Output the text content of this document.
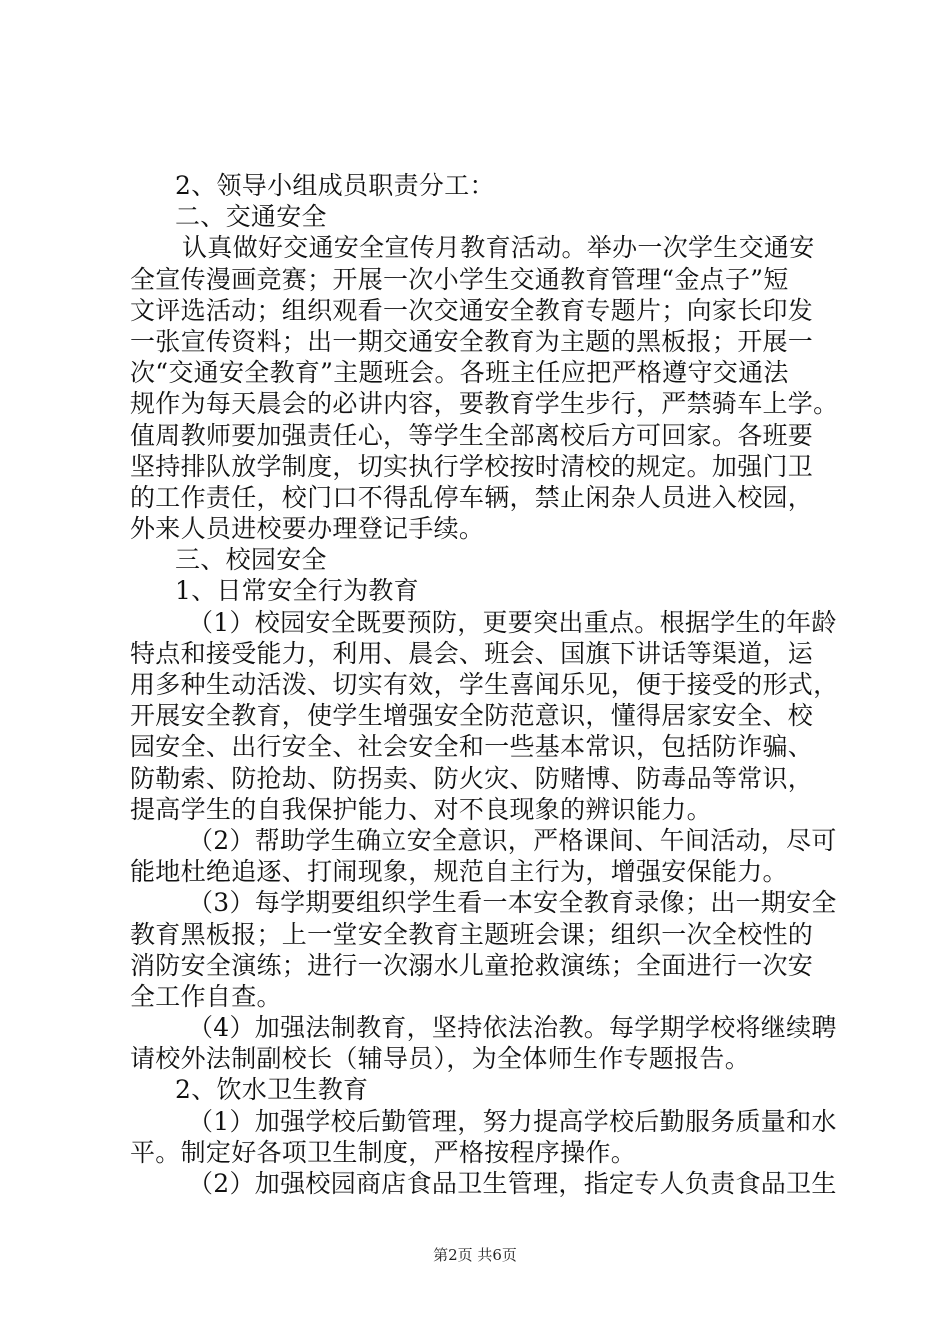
2、领导小组成员职责分工：
二、交通安全
认真做好交通安全宣传月教育活动。举办一次学生交通安
全宣传漫画竞赛；开展一次小学生交通教育管理“金点子”短
文评选活动；组织观看一次交通安全教育专题片；向家长印发
一张宣传资料；出一期交通安全教育为主题的黑板报；开展一
次“交通安全教育”主题班会。各班主任应把严格遵守交通法
规作为每天晨会的必讲内容，要教育学生步行，严禁骑车上学。
值周教师要加强责任心，等学生全部离校后方可回家。各班要
坚持排队放学制度，切实执行学校按时清校的规定。加强门卫
的工作责任，校门口不得乱停车辆，禁止闲杂人员进入校园，
外来人员进校要办理登记手续。
三、校园安全
1、日常安全行为教育
（1）校园安全既要预防，更要突出重点。根据学生的年龄
特点和接受能力，利用、晨会、班会、国旗下讲话等渠道，运
用多种生动活泼、切实有效，学生喜闻乐见，便于接受的形式，
开展安全教育，使学生增强安全防范意识，懂得居家安全、校
园安全、出行安全、社会安全和一些基本常识，包括防诈骗、
防勒索、防抢劫、防拐卖、防火灾、防赌博、防毒品等常识，
提高学生的自我保护能力、对不良现象的辨识能力。
（2）帮助学生确立安全意识，严格课间、午间活动，尽可
能地杜绝追逐、打闹现象，规范自主行为，增强安保能力。
（3）每学期要组织学生看一本安全教育录像；出一期安全
教育黑板报；上一堂安全教育主题班会课；组织一次全校性的
消防安全演练；进行一次溺水儿童抢救演练；全面进行一次安
全工作自查。
（4）加强法制教育，坚持依法治教。每学期学校将继续聘
请校外法制副校长（辅导员），为全体师生作专题报告。
2、饮水卫生教育
（1）加强学校后勤管理，努力提高学校后勤服务质量和水
平。制定好各项卫生制度，严格按程序操作。
（2）加强校园商店食品卫生管理，指定专人负责食品卫生
第2页 共6页
